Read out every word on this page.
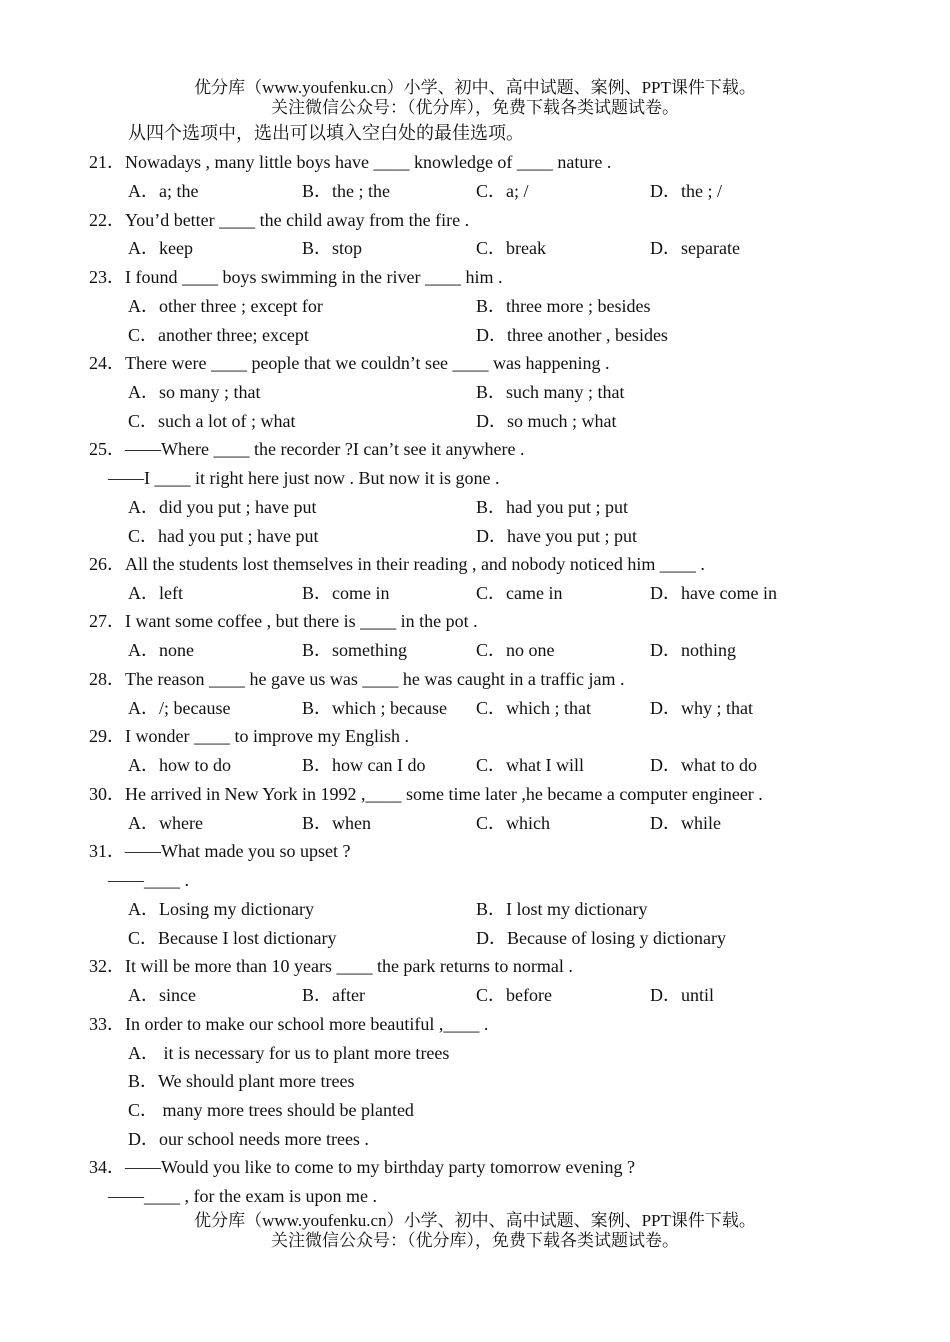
优分库（www.youfenku.cn）小学、初中、高中试题、案例、PPT课件下载。
关注微信公众号：（优分库），免费下载各类试题试卷。
从四个选项中，选出可以填入空白处的最佳选项。
21．Nowadays , many little boys have ____ knowledge of ____ nature .
A．a; the	B．the ; the	C．a; /	D．the ; /
22．You’d better ____ the child away from the fire .
A．keep	B．stop	C．break	D．separate
23．I found ____ boys swimming in the river ____ him .
A．other three ; except for	B．three more ; besides
C．another three; except	D．three another , besides
24．There were ____ people that we couldn’t see ____ was happening .
A．so many ; that	B．such many ; that
C．such a lot of ; what	D．so much ; what
25．——Where ____ the recorder ?I can’t see it anywhere .
——I ____ it right here just now . But now it is gone .
A．did you put ; have put	B．had you put ; put
C．had you put ; have put	D．have you put ; put
26．All the students lost themselves in their reading , and nobody noticed him ____ .
A．left	B．come in	C．came in	D．have come in
27．I want some coffee , but there is ____ in the pot .
A．none	B．something	C．no one	D．nothing
28．The reason ____ he gave us was ____ he was caught in a traffic jam .
A．/; because	B．which ; because C．which ; that	D．why ; that
29．I wonder ____ to improve my English .
A．how to do	B．how can I do	C．what I will	D．what to do
30．He arrived in New York in 1992 ,____ some time later ,he became a computer engineer .
A．where	B．when	C．which	D．while
31．——What made you so upset ?
——____ .
A．Losing my dictionary	B．I lost my dictionary
C．Because I lost dictionary	D．Because of losing y dictionary
32．It will be more than 10 years ____ the park returns to normal .
A．since	B．after	C．before	D．until
33．In order to make our school more beautiful ,____ .
A． it is necessary for us to plant more trees
B．We should plant more trees
C． many more trees should be planted
D．our school needs more trees .
34．——Would you like to come to my birthday party tomorrow evening ?
——____ , for the exam is upon me .
优分库（www.youfenku.cn）小学、初中、高中试题、案例、PPT课件下载。
关注微信公众号：（优分库），免费下载各类试题试卷。
